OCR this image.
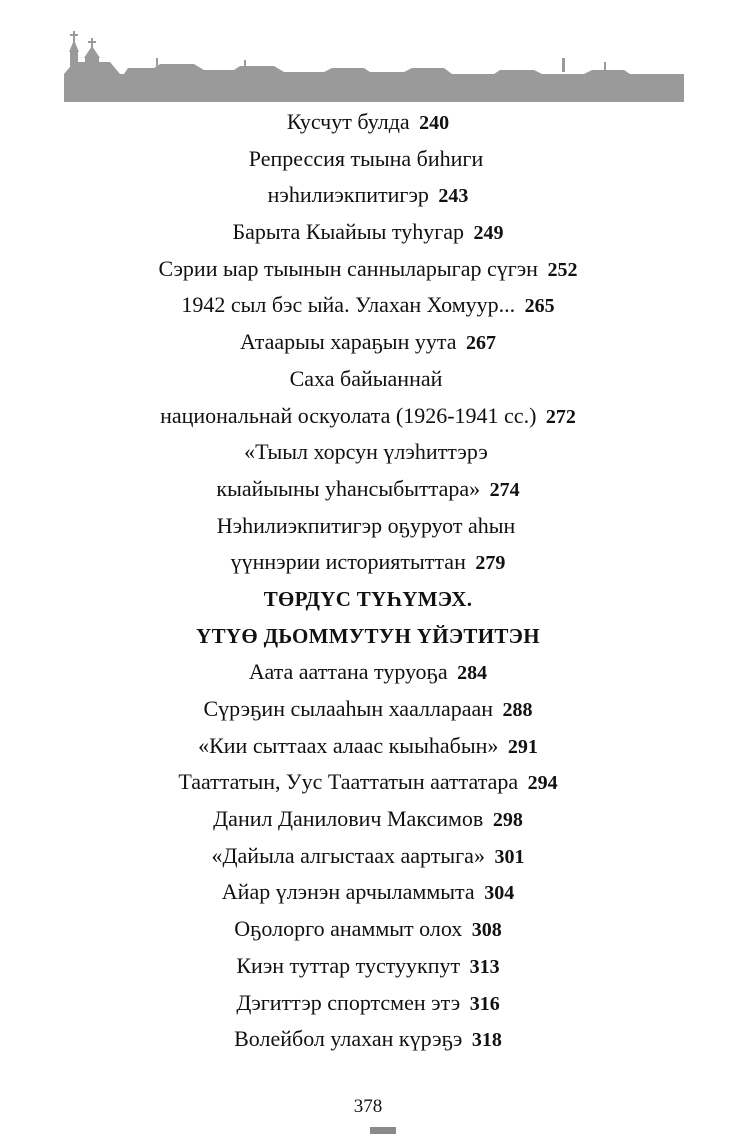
Кусчут булда 240
Репрессия тыына биһиги
нэһилиэкпитигэр 243
Барыта Кыайыы туһугар 249
Сэрии ыар тыынын санныларыгар сүгэн 252
1942 сыл бэс ыйа. Улахан Хомуур... 265
Атаарыы хараҕын уута 267
Саха байыаннай
национальнай оскуолата (1926-1941 сс.) 272
«Тыыл хорсун үлэһиттэрэ
кыайыыны уһансыбыттара» 274
Нэһилиэкпитигэр оҕуруот аһын
үүннэрии историятыттан 279
ТӨРДҮС ТҮҺҮМЭХ.
ҮТҮӨ ДЬОММУТУН ҮЙЭТИТЭН
Аата ааттана туруоҕа 284
Сүрэҕин сылааһын хааллараан 288
«Кии сыттаах алаас кыыһабын» 291
Тааттатын, Уус Тааттатын ааттатара 294
Данил Данилович Максимов 298
«Дайыла алгыстаах аартыга» 301
Айар үлэнэн арчыламмыта 304
Оҕолорго анаммыт олох 308
Киэн туттар тустуукпут 313
Дэгиттэр спортсмен этэ 316
Волейбол улахан күрэҕэ 318
378
